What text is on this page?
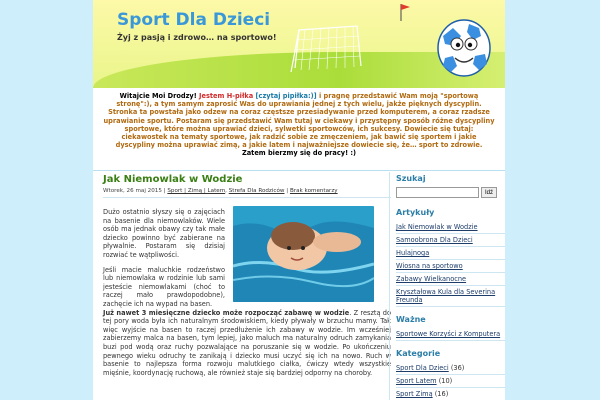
Sport Dla Dzieci
Żyj z pasją i zdrowo… na sportowo!
Witajcie Moi Drodzy! Jestem H-piłka [czytaj pipiłka:)] i pragnę przedstawić Wam moją "sportową stronę":), a tym samym zaprosić Was do uprawiania jednej z tych wielu, jakże pięknych dyscyplin. Stronka ta powstała jako odzew na coraz częstsze przesiadywanie przed komputerem, a coraz rzadsze uprawianie sportu. Postaram się przedstawić Wam tutaj w ciekawy i przystępny sposób różne dyscypliny sportowe, które można uprawiać dzieci, sylwetki sportowców, ich sukcesy. Dowiecie się tutaj: ciekawostek na tematy sportowe, jak radzić sobie ze zmęczeniem, jak bawić się sportem i jakie dyscypliny można uprawiać zimą, a jakie latem i najważniejsze dowiecie się, że… sport to zdrowie.
Zatem bierzmy się do pracy! :)
Jak Niemowlak w Wodzie
Wtorek, 26 maj 2015 | Sport | Zimą | Latem, Strefa Dla Rodziców | Brak komentarzy

Dużo ostatnio słyszy się o zajęciach na basenie dla niemowlaków. Wiele osób ma jednak obawy czy tak małe dziecko powinno być zabierane na pływalnie. Postaram się dzisiaj rozwiać te wątpliwości.

Jeśli macie maluchkie rodzeństwo lub niemowlaka w rodzinie lub sami jesteście niemowlakami (choć to raczej mało prawdopodobne), zachęcie ich na wypad na basen.

Już nawet 3 miesięczne dziecko może rozpocząć zabawę w wodzie. Z resztą do tej pory woda była ich naturalnym środowiskiem, kiedy pływały w brzuchu mamy. Tak więc wyjście na basen to raczej przedłużenie ich zabawy w wodzie. Im wcześniej zabierzemy malca na basen, tym lepiej, jako maluch ma naturalny odruch zamykania buzi pod wodą oraz ruchy pozwalające na poruszanie się w wodzie. Po ukończeniu pewnego wieku odruchy te zanikają i dziecko musi uczyć się ich na nowo. Ruch w basenie to najlepsza forma rozwoju malutkiego ciałka, ćwiczy wtedy wszystkie mięśnie, koordynację ruchową, ale również staje się bardziej odporny na choroby.

Szukaj
Idź
Artykuły
Jak Niemowlak w Wodzie
Samoobrona Dla Dzieci
Hulajnoga
Wiosna na sportowo
Zabawy Wielkanocne
Kryształowa Kula dla Severina Freunda
Ważne
Sportowe Korzyści z Komputera
Kategorie
Sport Dla Dzieci (36)
Sport Latem (10)
Sport Zimą (16)
